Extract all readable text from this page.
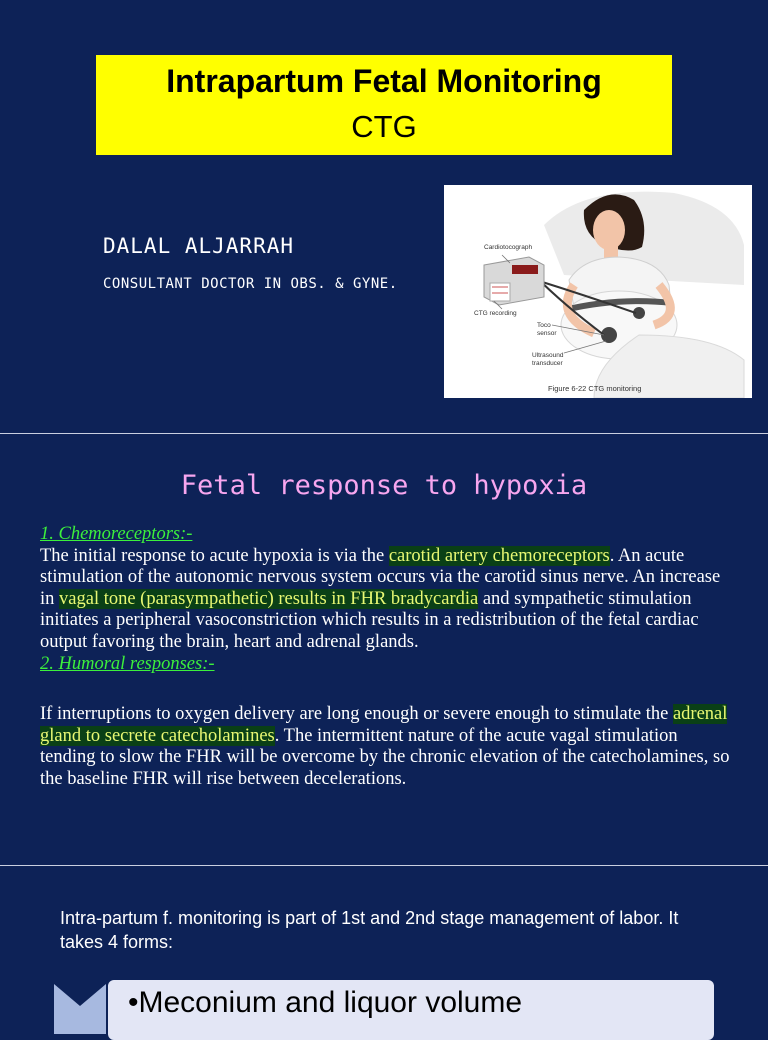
Intrapartum Fetal Monitoring
CTG
DALAL ALJARRAH
CONSULTANT DOCTOR IN OBS. & GYNE.
Cardiotocograph
CTG recording
Toco
sensor
Ultrasound
transducer
Figure 6-22 CTG monitoring
Fetal response to hypoxia
1. Chemoreceptors:-
The initial response to acute hypoxia is via the carotid artery chemoreceptors. An acute stimulation of the autonomic nervous system occurs via the carotid sinus nerve. An increase in vagal tone (parasympathetic) results in FHR bradycardia and sympathetic stimulation initiates a peripheral vasoconstriction which results in a redistribution of the fetal cardiac output favoring the brain, heart and adrenal glands.
2. Humoral responses:-
If interruptions to oxygen delivery are long enough or severe enough to stimulate the adrenal gland to secrete catecholamines. The intermittent nature of the acute vagal stimulation tending to slow the FHR will be overcome by the chronic elevation of the catecholamines, so the baseline FHR will rise between decelerations.
Intra-partum f. monitoring is part of 1st and 2nd stage management of labor. It takes 4 forms:
•Meconium and liquor volume
